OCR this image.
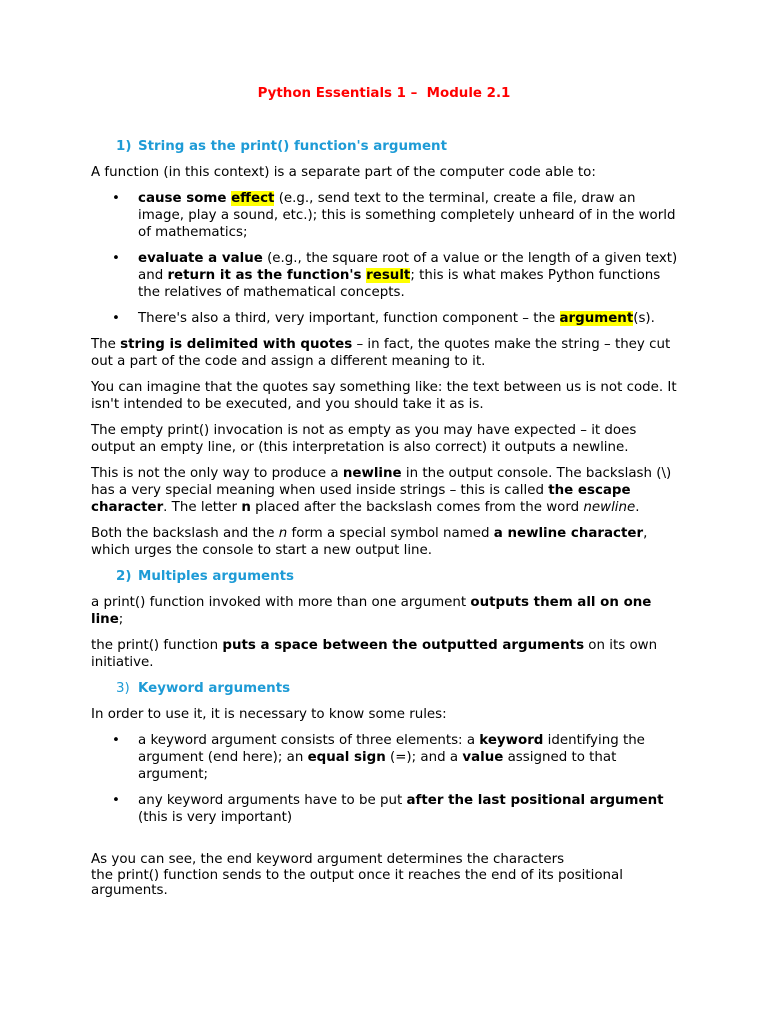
Python Essentials 1 –  Module 2.1
1) String as the print() function's argument

A function (in this context) is a separate part of the computer code able to:

• cause some effect (e.g., send text to the terminal, create a file, draw an image, play a sound, etc.); this is something completely unheard of in the world of mathematics;
• evaluate a value (e.g., the square root of a value or the length of a given text) and return it as the function's result; this is what makes Python functions the relatives of mathematical concepts.
• There's also a third, very important, function component – the argument(s).

The string is delimited with quotes – in fact, the quotes make the string – they cut out a part of the code and assign a different meaning to it.

You can imagine that the quotes say something like: the text between us is not code. It isn't intended to be executed, and you should take it as is.

The empty print() invocation is not as empty as you may have expected – it does output an empty line, or (this interpretation is also correct) it outputs a newline.

This is not the only way to produce a newline in the output console. The backslash (\) has a very special meaning when used inside strings – this is called the escape character. The letter n placed after the backslash comes from the word newline.

Both the backslash and the n form a special symbol named a newline character, which urges the console to start a new output line.

2) Multiples arguments

a print() function invoked with more than one argument outputs them all on one line;

the print() function puts a space between the outputted arguments on its own initiative.

3) Keyword arguments

In order to use it, it is necessary to know some rules:

• a keyword argument consists of three elements: a keyword identifying the argument (end here); an equal sign (=); and a value assigned to that argument;
• any keyword arguments have to be put after the last positional argument (this is very important)

As you can see, the end keyword argument determines the characters
the print() function sends to the output once it reaches the end of its positional arguments.
